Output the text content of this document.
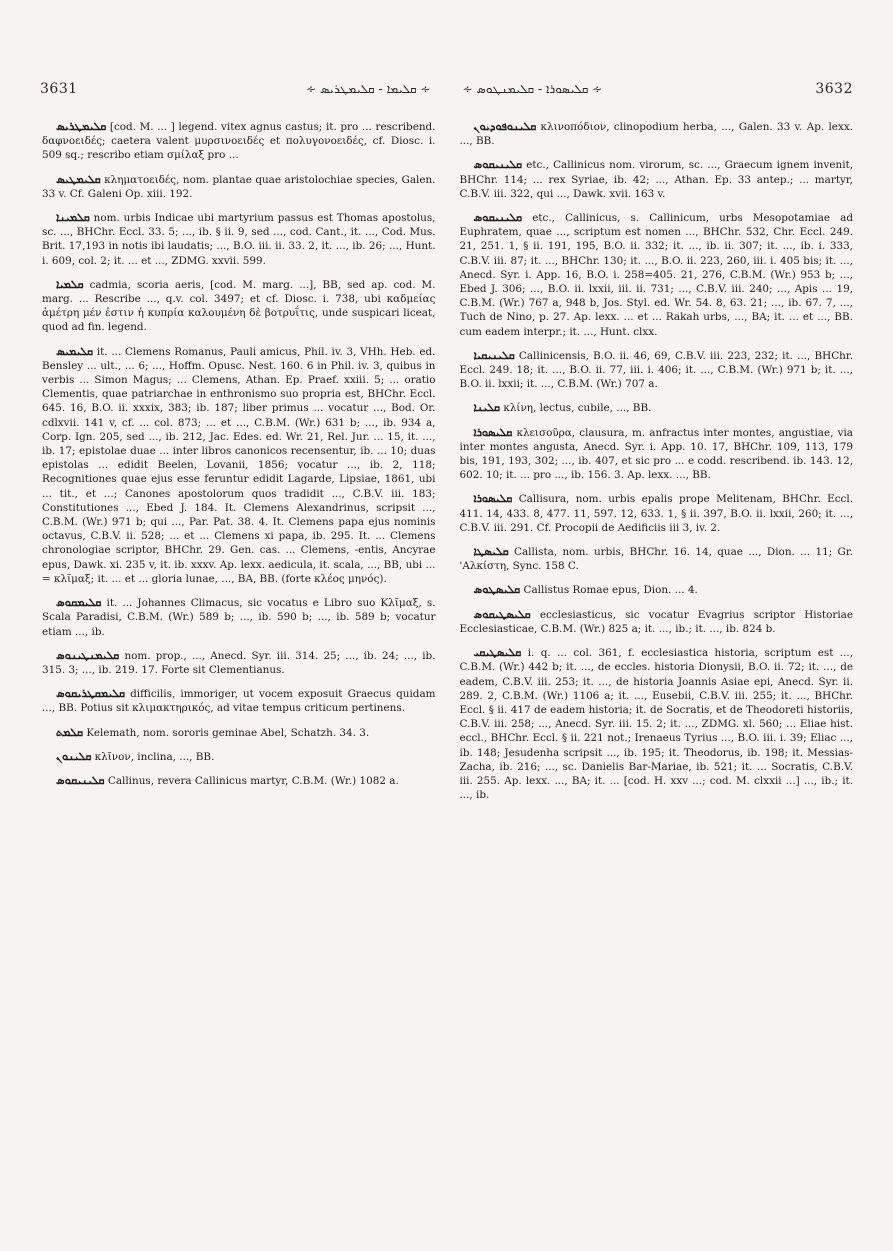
3631	∻ ܩܠܝܡܐ - ܩܠܝܡܛܪܝܣ ∻	∻ ܩܠܝܣܘܪܐ - ܩܠܝܡܢܛܘܣ ∻	3632

ܩܠܝܡܛܪܝܣ [cod. M. ... ] legend. vitex agnus castus; it. pro ... rescribend. δαφνοειδές; caetera valent μυρσινοειδές et πολυγονοειδές, cf. Diosc. i. 509 sq.; rescribo etiam σμίλαξ pro ...

ܩܠܝܡܛܝܣ κληματοειδές, nom. plantae quae aristolochiae species, Galen. 33 v. Cf. Galeni Op. xiii. 192.

ܩܠܡܝܢܐ nom. urbis Indicae ubi martyrium passus est Thomas apostolus, sc. ..., BHChr. Eccl. 33. 5; ..., ib. § ii. 9, sed ..., cod. Cant., it. ..., Cod. Mus. Brit. 17,193 in notis ibi laudatis; ..., B.O. iii. ii. 33. 2, it. ..., ib. 26; ..., Hunt. i. 609, col. 2; it. ... et ..., ZDMG. xxvii. 599.

ܩܠܡܝܐ cadmia, scoria aeris, [cod. M. marg. ...], BB, sed ap. cod. M. marg. ... Rescribe ..., q.v. col. 3497; et cf. Diosc. i. 738, ubi καδμείας ἀμέτρη μέν ἐστιν ἡ κυπρία καλουμένη δὲ βοτρυΐτις, unde suspicari liceat, quod ad fin. legend.

ܩܠܝܡܝܣ it. ... Clemens Romanus, Pauli amicus, Phil. iv. 3, VHh. Heb. ed. Bensley ... ult., ... 6; ..., Hoffm. Opusc. Nest. 160. 6 in Phil. iv. 3, quibus in verbis ... Simon Magus; ... Clemens, Athan. Ep. Praef. xxiii. 5; ... oratio Clementis, quae patriarchae in enthronismo suo propria est, BHChr. Eccl. 645. 16, B.O. ii. xxxix, 383; ib. 187; liber primus ... vocatur ..., Bod. Or. cdlxvii. 141 v, cf. ... col. 873; ... et ..., C.B.M. (Wr.) 631 b; ..., ib. 934 a, Corp. Ign. 205, sed ..., ib. 212, Jac. Edes. ed. Wr. 21, Rel. Jur. ... 15, it. ..., ib. 17; epistolae duae ... inter libros canonicos recensentur, ib. ... 10; duas epistolas ... edidit Beelen, Lovanii, 1856; vocatur ..., ib. 2, 118; Recognitiones quae ejus esse feruntur edidit Lagarde, Lipsiae, 1861, ubi ... tit., et ...; Canones apostolorum quos tradidit ..., C.B.V. iii. 183; Constitutiones ..., Ebed J. 184. It. Clemens Alexandrinus, scripsit ..., C.B.M. (Wr.) 971 b; qui ..., Par. Pat. 38. 4. It. Clemens papa ejus nominis octavus, C.B.V. ii. 528; ... et ... Clemens xi papa, ib. 295. It. ... Clemens chronologiae scriptor, BHChr. 29. Gen. cas. ... Clemens, -entis, Ancyrae epus, Dawk. xi. 235 v, it. ib. xxxv. Ap. lexx. aedicula, it. scala, ..., BB, ubi ... = κλῖμαξ; it. ... et ... gloria lunae, ..., BA, BB. (forte κλέος μηνός).

ܩܠܝܡܩܘܣ it. ... Johannes Climacus, sic vocatus e Libro suo Κλῖμαξ, s. Scala Paradisi, C.B.M. (Wr.) 589 b; ..., ib. 590 b; ..., ib. 589 b; vocatur etiam ..., ib.

ܩܠܝܡܢܛܝܢܘܣ nom. prop., ..., Anecd. Syr. iii. 314. 25; ..., ib. 24; ..., ib. 315. 3; ..., ib. 219. 17. Forte sit Clementianus.

ܩܠܝܡܩܛܪܝܩܘܣ difficilis, immoriger, ut vocem exposuit Graecus quidam ..., BB. Potius sit κλιμακτηρικός, ad vitae tempus criticum pertinens.

ܩܠܡܬ Kelemath, nom. sororis geminae Abel, Schatzh. 34. 3.

ܩܠܝܢܘܢ κλῖνον, inclina, ..., BB.

ܩܠܝܢܝܩܘܣ Callinus, revera Callinicus martyr, C.B.M. (Wr.) 1082 a.

ܩܠܝܢܘܦܘܕܝܘܢ κλινοπόδιον, clinopodium herba, ..., Galen. 33 v. Ap. lexx. ..., BB.

ܩܠܝܢܝܩܘܣ etc., Callinicus nom. virorum, sc. ..., Graecum ignem invenit, BHChr. 114; ... rex Syriae, ib. 42; ..., Athan. Ep. 33 antep.; ... martyr, C.B.V. iii. 322, qui ..., Dawk. xvii. 163 v.

ܩܠܝܢܝܩܘܣ etc., Callinicus, s. Callinicum, urbs Mesopotamiae ad Euphratem, quae ..., scriptum est nomen ..., BHChr. 532, Chr. Eccl. 249. 21, 251. 1, § ii. 191, 195, B.O. ii. 332; it. ..., ib. ii. 307; it. ..., ib. i. 333, C.B.V. iii. 87; it. ..., BHChr. 130; it. ..., B.O. ii. 223, 260, iii. i. 405 bis; it. ..., Anecd. Syr. i. App. 16, B.O. i. 258=405. 21, 276, C.B.M. (Wr.) 953 b; ..., Ebed J. 306; ..., B.O. ii. lxxii, iii. ii. 731; ..., C.B.V. iii. 240; ..., Apis ... 19, C.B.M. (Wr.) 767 a, 948 b, Jos. Styl. ed. Wr. 54. 8, 63. 21; ..., ib. 67. 7, ..., Tuch de Nino, p. 27. Ap. lexx. ... et ... Rakah urbs, ..., BA; it. ... et ..., BB. cum eadem interpr.; it. ..., Hunt. clxx.

ܩܠܝܢܝܩܝܐ Callinicensis, B.O. ii. 46, 69, C.B.V. iii. 223, 232; it. ..., BHChr. Eccl. 249. 18; it. ..., B.O. ii. 77, iii. i. 406; it. ..., C.B.M. (Wr.) 971 b; it. ..., B.O. ii. lxxii; it. ..., C.B.M. (Wr.) 707 a.

ܩܠܝܢܐ κλίνη, lectus, cubile, ..., BB.

ܩܠܝܣܘܪܐ κλεισοῦρα, clausura, m. anfractus inter montes, angustiae, via inter montes angusta, Anecd. Syr. i. App. 10. 17, BHChr. 109, 113, 179 bis, 191, 193, 302; ..., ib. 407, et sic pro ... e codd. rescribend. ib. 143. 12, 602. 10; it. ... pro ..., ib. 156. 3. Ap. lexx. ..., BB.

ܩܠܝܣܘܪܐ Callisura, nom. urbis epalis prope Melitenam, BHChr. Eccl. 411. 14, 433. 8, 477. 11, 597. 12, 633. 1, § ii. 397, B.O. ii. lxxii, 260; it. ..., C.B.V. iii. 291. Cf. Procopii de Aedificiis iii 3, iv. 2.

ܩܠܝܣܛܐ Callista, nom. urbis, BHChr. 16. 14, quae ..., Dion. ... 11; Gr. 'Αλκίστη, Sync. 158 C.

ܩܠܝܣܛܘܣ Callistus Romae epus, Dion. ... 4.

ܩܠܝܣܛܝܩܘܣ ecclesiasticus, sic vocatur Evagrius scriptor Historiae Ecclesiasticae, C.B.M. (Wr.) 825 a; it. ..., ib.; it. ..., ib. 824 b.

ܩܠܝܣܛܝܩܝ i. q. ... col. 361, f. ecclesiastica historia, scriptum est ..., C.B.M. (Wr.) 442 b; it. ..., de eccles. historia Dionysii, B.O. ii. 72; it. ..., de eadem, C.B.V. iii. 253; it. ..., de historia Joannis Asiae epi, Anecd. Syr. ii. 289. 2, C.B.M. (Wr.) 1106 a; it. ..., Eusebii, C.B.V. iii. 255; it. ..., BHChr. Eccl. § ii. 417 de eadem historia; it. de Socratis, et de Theodoreti historiis, C.B.V. iii. 258; ..., Anecd. Syr. iii. 15. 2; it. ..., ZDMG. xl. 560; ... Eliae hist. eccl., BHChr. Eccl. § ii. 221 not.; Irenaeus Tyrius ..., B.O. iii. i. 39; Eliac ..., ib. 148; Jesudenha scripsit ..., ib. 195; it. Theodorus, ib. 198; it. Messias-Zacha, ib. 216; ..., sc. Danielis Bar-Mariae, ib. 521; it. ... Socratis, C.B.V. iii. 255. Ap. lexx. ..., BA; it. ... [cod. H. xxv ...; cod. M. clxxii ...] ..., ib.; it. ..., ib.
